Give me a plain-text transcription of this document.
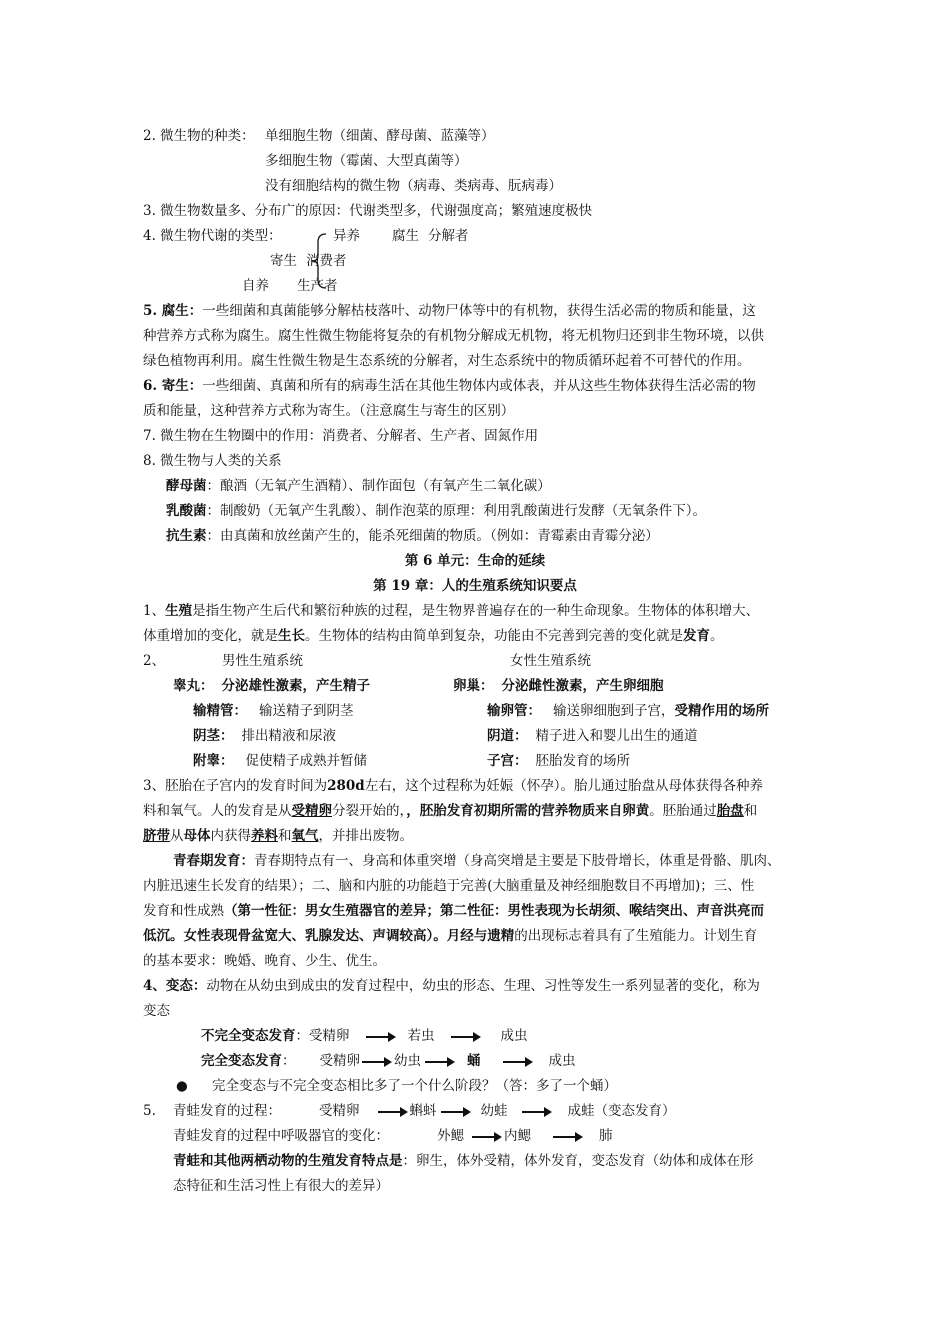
2. 微生物的种类： 单细胞生物（细菌、酵母菌、蓝藻等）
多细胞生物（霉菌、大型真菌等）
没有细胞结构的微生物（病毒、类病毒、朊病毒）
3. 微生物数量多、分布广的原因：代谢类型多，代谢强度高；繁殖速度极快
4. 微生物代谢的类型：	异养 腐生 分解者
寄生 消费者
自养 生产者
5. 腐生：一些细菌和真菌能够分解枯枝落叶、动物尸体等中的有机物，获得生活必需的物质和能量，这
种营养方式称为腐生。腐生性微生物能将复杂的有机物分解成无机物，将无机物归还到非生物环境，以供
绿色植物再利用。腐生性微生物是生态系统的分解者，对生态系统中的物质循环起着不可替代的作用。
6. 寄生：一些细菌、真菌和所有的病毒生活在其他生物体内或体表，并从这些生物体获得生活必需的物
质和能量，这种营养方式称为寄生。（注意腐生与寄生的区别）
7. 微生物在生物圈中的作用：消费者、分解者、生产者、固氮作用
8. 微生物与人类的关系
酵母菌：酿酒（无氧产生酒精）、制作面包（有氧产生二氧化碳）
乳酸菌：制酸奶（无氧产生乳酸）、制作泡菜的原理：利用乳酸菌进行发酵（无氧条件下）。
抗生素：由真菌和放丝菌产生的，能杀死细菌的物质。（例如：青霉素由青霉分泌）
第 6 单元：生命的延续
第 19 章：人的生殖系统知识要点
1、生殖是指生物产生后代和繁衍种族的过程，是生物界普遍存在的一种生命现象。生物体的体积增大、
体重增加的变化，就是生长。生物体的结构由简单到复杂，功能由不完善到完善的变化就是发育。
2、	男性生殖系统	女性生殖系统
睾丸： 分泌雄性激素，产生精子	卵巢： 分泌雌性激素，产生卵细胞
输精管： 输送精子到阴茎	输卵管： 输送卵细胞到子宫，受精作用的场所
阴茎： 排出精液和尿液	阴道： 精子进入和婴儿出生的通道
附睾： 促使精子成熟并暂储	子宫： 胚胎发育的场所
3、胚胎在子宫内的发育时间为280d左右，这个过程称为妊娠（怀孕）。胎儿通过胎盘从母体获得各种养
料和氧气。人的发育是从受精卵分裂开始的，，胚胎发育初期所需的营养物质来自卵黄。胚胎通过胎盘和
脐带从母体内获得养料和氧气，并排出废物。
青春期发育：青春期特点有一、身高和体重突增（身高突增是主要是下肢骨增长，体重是骨骼、肌肉、
内脏迅速生长发育的结果）；二、脑和内脏的功能趋于完善(大脑重量及神经细胞数目不再增加)；三、性
发育和性成熟（第一性征：男女生殖器官的差异；第二性征：男性表现为长胡须、喉结突出、声音洪亮而
低沉。女性表现骨盆宽大、乳腺发达、声调较高）。月经与遗精的出现标志着具有了生殖能力。计划生育
的基本要求：晚婚、晚育、少生、优生。
4、变态：动物在从幼虫到成虫的发育过程中，幼虫的形态、生理、习性等发生一系列显著的变化，称为
变态
不完全变态发育：受精卵	若虫	成虫
完全变态发育： 受精卵	幼虫	蛹	成虫
● 完全变态与不完全变态相比多了一个什么阶段？（答：多了一个蛹）
5. 青蛙发育的过程：	受精卵	蝌蚪	幼蛙	成蛙（变态发育）
青蛙发育的过程中呼吸器官的变化：	外鳃	内鳃	肺
青蛙和其他两栖动物的生殖发育特点是：卵生，体外受精，体外发育，变态发育（幼体和成体在形
态特征和生活习性上有很大的差异）
